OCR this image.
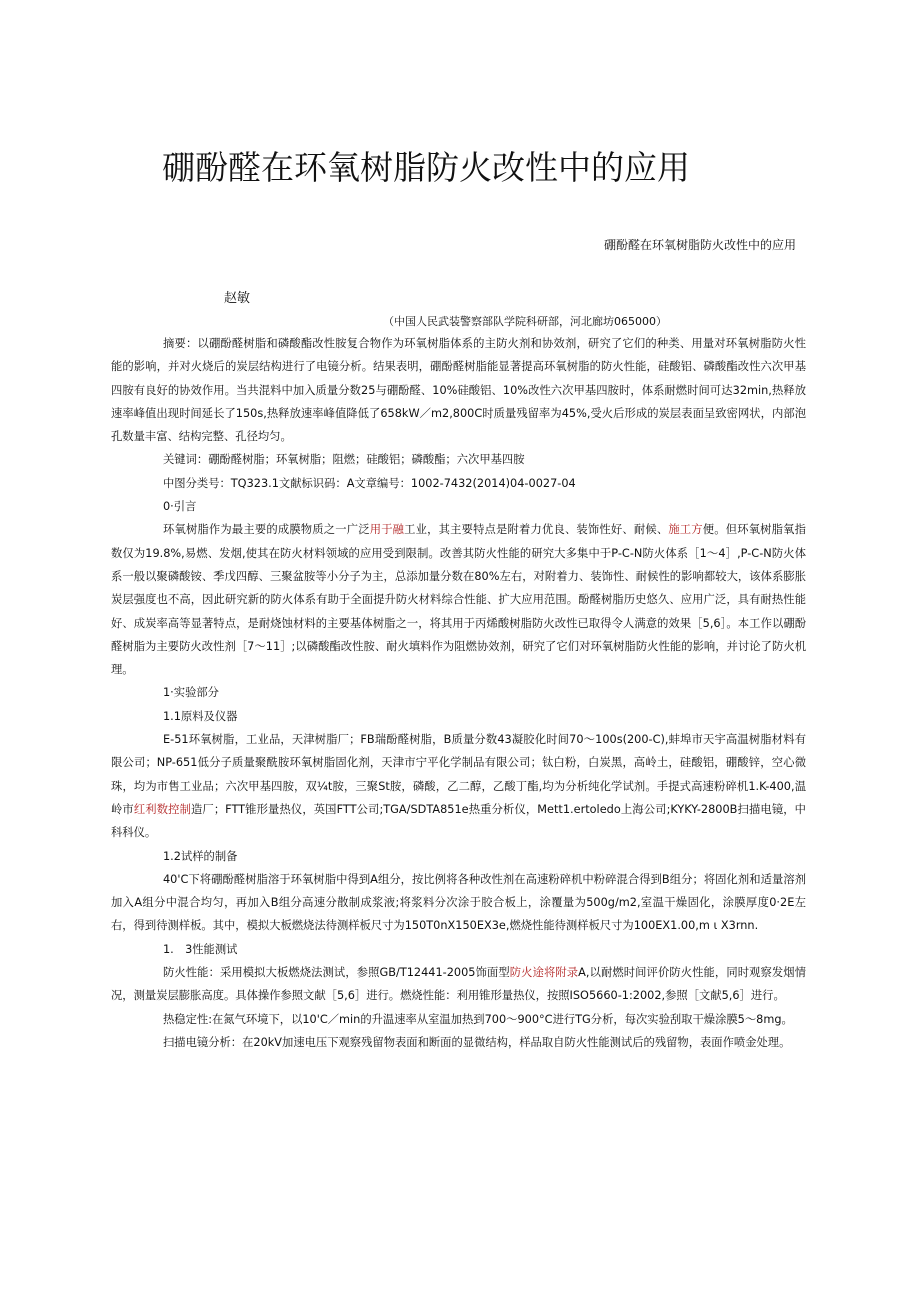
硼酚醛在环氧树脂防火改性中的应用
硼酚醛在环氧树脂防火改性中的应用
赵敏
（中国人民武装警察部队学院科研部，河北廊坊065000）

摘要：以硼酚醛树脂和磷酸酯改性胺复合物作为环氧树脂体系的主防火剂和协效剂，研究了它们的种类、用量对环氧树脂防火性能的影响，并对火烧后的炭层结构进行了电镜分析。结果表明，硼酚醛树脂能显著提高环氧树脂的防火性能，硅酸铝、磷酸酯改性六次甲基四胺有良好的协效作用。当共混料中加入质量分数25与硼酚醛、10%硅酸铝、10%改性六次甲基四胺时，体系耐燃时间可达32min,热释放速率峰值出现时间延长了150s,热释放速率峰值降低了658kW／m2,800C时质量残留率为45%,受火后形成的炭层表面呈致密网状，内部泡孔数量丰富、结构完整、孔径均匀。

关键词：硼酚醛树脂；环氧树脂；阻燃；硅酸铝；磷酸酯；六次甲基四胺

中图分类号：TQ323.1文献标识码：A文章编号：1002-7432(2014)04-0027-04

0·引言

环氧树脂作为最主要的成膜物质之一广泛用于融工业，其主要特点是附着力优良、装饰性好、耐候、施工方便。但环氧树脂氧指数仅为19.8%,易燃、发烟,使其在防火材料领域的应用受到限制。改善其防火性能的研究大多集中于P-C-N防火体系［1～4］,P-C-N防火体系一般以聚磷酸铵、季戊四醇、三聚盆胺等小分子为主，总添加量分数在80%左右，对附着力、装饰性、耐候性的影响都较大，该体系膨胀炭层强度也不高，因此研究新的防火体系有助于全面提升防火材料综合性能、扩大应用范围。酚醛树脂历史悠久、应用广泛，具有耐热性能好、成炭率高等显著特点，是耐烧蚀材料的主要基体树脂之一，将其用于丙烯酸树脂防火改性已取得令人满意的效果［5,6］。本工作以硼酚醛树脂为主要防火改性剂［7～11］;以磷酸酯改性胺、耐火填料作为阻燃协效剂，研究了它们对环氧树脂防火性能的影响，并讨论了防火机理。

1·实验部分

1.1原料及仪器

E-51环氧树脂，工业品，天津树脂厂；FB瑞酚醛树脂，B质量分数43凝胶化时间70～100s(200-C),蚌埠市天宇高温树脂材料有限公司；NP-651低分子质量聚酰胺环氧树脂固化剂，天津市宁平化学制品有限公司；钛白粉，白炭黑，高岭土，硅酸铝，硼酸锌，空心微珠，均为市售工业品；六次甲基四胺，双¼t胺，三聚St胺，磷酸，乙二醇，乙酸丁酯,均为分析纯化学试剂。手提式高速粉碎机1.K-400,温岭市红利数控制造厂；FTT锥形量热仪，英国FTT公司;TGA/SDTA851e热重分析仪，Mett1.ertoledo上海公司;KYKY-2800B扫描电镜，中科科仪。

1.2试样的制备

40'C下将硼酚醛树脂溶于环氧树脂中得到A组分，按比例将各种改性剂在高速粉碎机中粉碎混合得到B组分；将固化剂和适量溶剂加入A组分中混合均匀，再加入B组分高速分散制成浆液;将浆料分次涂于胶合板上，涂覆量为500g/m2,室温干燥固化，涂膜厚度0·2E左右，得到待测样板。其中，模拟大板燃烧法待测样板尺寸为150T0nX150EX3e,燃烧性能待测样板尺寸为100EX1.00,m ι X3rnn.

1.　3性能测试

防火性能：采用模拟大板燃烧法测试，参照GB/T12441-2005饰面型防火途将附录A,以耐燃时间评价防火性能，同时观察发烟情况，测量炭层膨胀高度。具体操作参照文献［5,6］进行。燃烧性能：利用锥形量热仪，按照ISO5660-1:2002,参照［文献5,6］进行。

热稳定性:在氮气环境下，以10'C／min的升温速率从室温加热到700～900°C进行TG分析，每次实验刮取干燥涂膜5～8mg。

扫描电镜分析：在20kV加速电压下观察残留物表面和断面的显微结构，样品取自防火性能测试后的残留物，表面作喷金处理。
